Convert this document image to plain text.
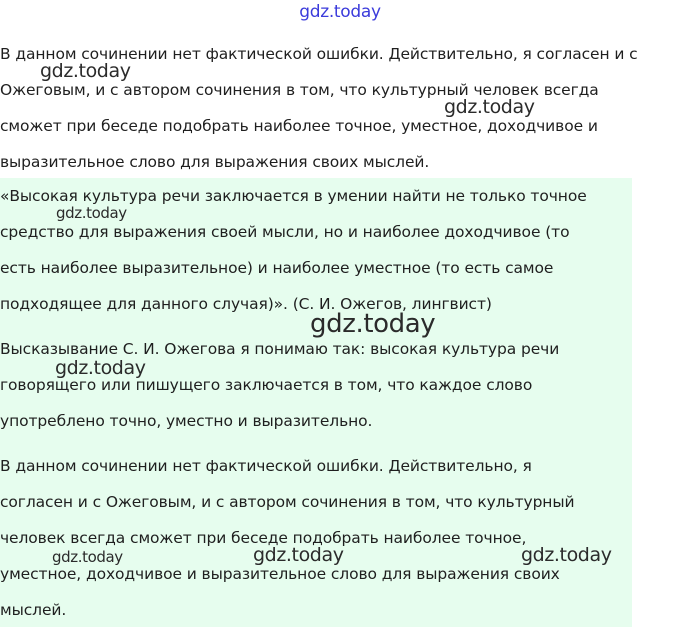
gdz.today

В данном сочинении нет фактической ошибки. Действительно, я согласен и с
Ожеговым, и с автором сочинения в том, что культурный человек всегда
сможет при беседе подобрать наиболее точное, уместное, доходчивое и
выразительное слово для выражения своих мыслей.

«Высокая культура речи заключается в умении найти не только точное
средство для выражения своей мысли, но и наиболее доходчивое (то
есть наиболее выразительное) и наиболее уместное (то есть самое
подходящее для данного случая)». (С. И. Ожегов, лингвист)

Высказывание С. И. Ожегова я понимаю так: высокая культура речи
говорящего или пишущего заключается в том, что каждое слово
употреблено точно, уместно и выразительно.

В данном сочинении нет фактической ошибки. Действительно, я
согласен и с Ожеговым, и с автором сочинения в том, что культурный
человек всегда сможет при беседе подобрать наиболее точное,
уместное, доходчивое и выразительное слово для выражения своих
мыслей.

gdz.today
gdz.today
gdz.today
gdz.today
gdz.today
gdz.today	gdz.today	gdz.today
